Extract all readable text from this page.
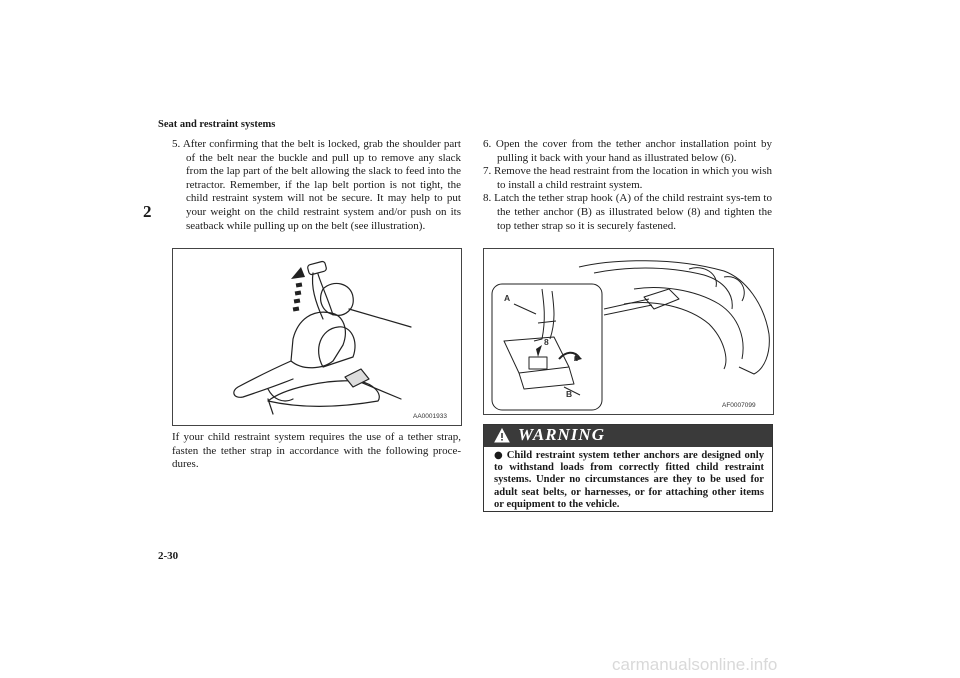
Seat and restraint systems
2

5. After confirming that the belt is locked, grab the shoulder part of the belt near the buckle and pull up to remove any slack from the lap part of the belt allowing the slack to feed into the retractor. Remember, if the lap belt portion is not tight, the child restraint system will not be secure. It may help to put your weight on the child restraint system and/or push on its seatback while pulling up on the belt (see illustration).

AA0001933

If your child restraint system requires the use of a tether strap, fasten the tether strap in accordance with the following proce-dures.

6. Open the cover from the tether anchor installation point by pulling it back with your hand as illustrated below (6).

7. Remove the head restraint from the location in which you wish to install a child restraint system.

8. Latch the tether strap hook (A) of the child restraint sys-tem to the tether anchor (B) as illustrated below (8) and tighten the top tether strap so it is securely fastened.

A
8
6
B
AF0007099
WARNING
● Child restraint system tether anchors are designed only to withstand loads from correctly fitted child restraint systems. Under no circumstances are they to be used for adult seat belts, or harnesses, or for attaching other items or equipment to the vehicle.
2-30
carmanualsonline.info
